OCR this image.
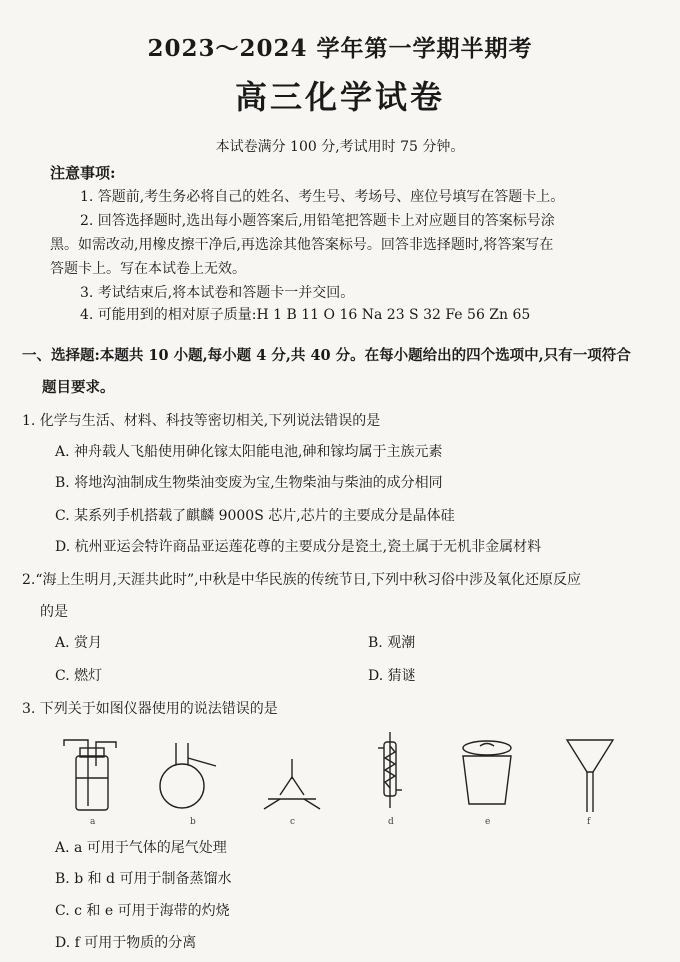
2023～2024 学年第一学期半期考
高三化学试卷
本试卷满分 100 分,考试用时 75 分钟。
注意事项:
1. 答题前,考生务必将自己的姓名、考生号、考场号、座位号填写在答题卡上。
2. 回答选择题时,选出每小题答案后,用铅笔把答题卡上对应题目的答案标号涂
黑。如需改动,用橡皮擦干净后,再选涂其他答案标号。回答非选择题时,将答案写在
答题卡上。写在本试卷上无效。
3. 考试结束后,将本试卷和答题卡一并交回。
4. 可能用到的相对原子质量:H 1 B 11 O 16 Na 23 S 32 Fe 56 Zn 65
一、选择题:本题共 10 小题,每小题 4 分,共 40 分。在每小题给出的四个选项中,只有一项符合
题目要求。
1. 化学与生活、材料、科技等密切相关,下列说法错误的是
A. 神舟载人飞船使用砷化镓太阳能电池,砷和镓均属于主族元素
B. 将地沟油制成生物柴油变废为宝,生物柴油与柴油的成分相同
C. 某系列手机搭载了麒麟 9000S 芯片,芯片的主要成分是晶体硅
D. 杭州亚运会特许商品亚运莲花尊的主要成分是瓷土,瓷土属于无机非金属材料
2.“海上生明月,天涯共此时”,中秋是中华民族的传统节日,下列中秋习俗中涉及氧化还原反应
的是
A. 赏月	B. 观潮
C. 燃灯	D. 猜谜
3. 下列关于如图仪器使用的说法错误的是
a	b	c	d	e	f
A. a 可用于气体的尾气处理
B. b 和 d 可用于制备蒸馏水
C. c 和 e 可用于海带的灼烧
D. f 可用于物质的分离
